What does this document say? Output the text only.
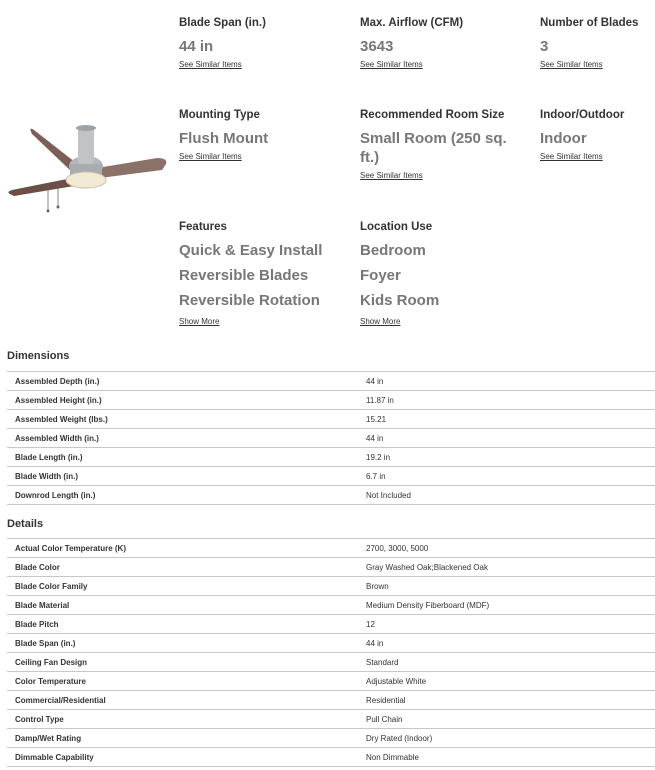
Blade Span (in.)
44 in
See Similar Items
Max. Airflow (CFM)
3643
See Similar Items
Number of Blades
3
See Similar Items
Mounting Type
Flush Mount
See Similar Items
Recommended Room Size
Small Room (250 sq.
ft.)
See Similar Items
Indoor/Outdoor
Indoor
See Similar Items
Features
Quick & Easy Install
Reversible Blades
Reversible Rotation
Show More
Location Use
Bedroom
Foyer
Kids Room
Show More
Dimensions
Assembled Depth (in.)	44 in
Assembled Height (in.)	11.87 in
Assembled Weight (lbs.)	15.21
Assembled Width (in.)	44 in
Blade Length (in.)	19.2 in
Blade Width (in.)	6.7 in
Downrod Length (in.)	Not Included
Details
Actual Color Temperature (K)	2700, 3000, 5000
Blade Color	Gray Washed Oak;Blackened Oak
Blade Color Family	Brown
Blade Material	Medium Density Fiberboard (MDF)
Blade Pitch	12
Blade Span (in.)	44 in
Ceiling Fan Design	Standard
Color Temperature	Adjustable White
Commercial/Residential	Residential
Control Type	Pull Chain
Damp/Wet Rating	Dry Rated (Indoor)
Dimmable Capability	Non Dimmable
